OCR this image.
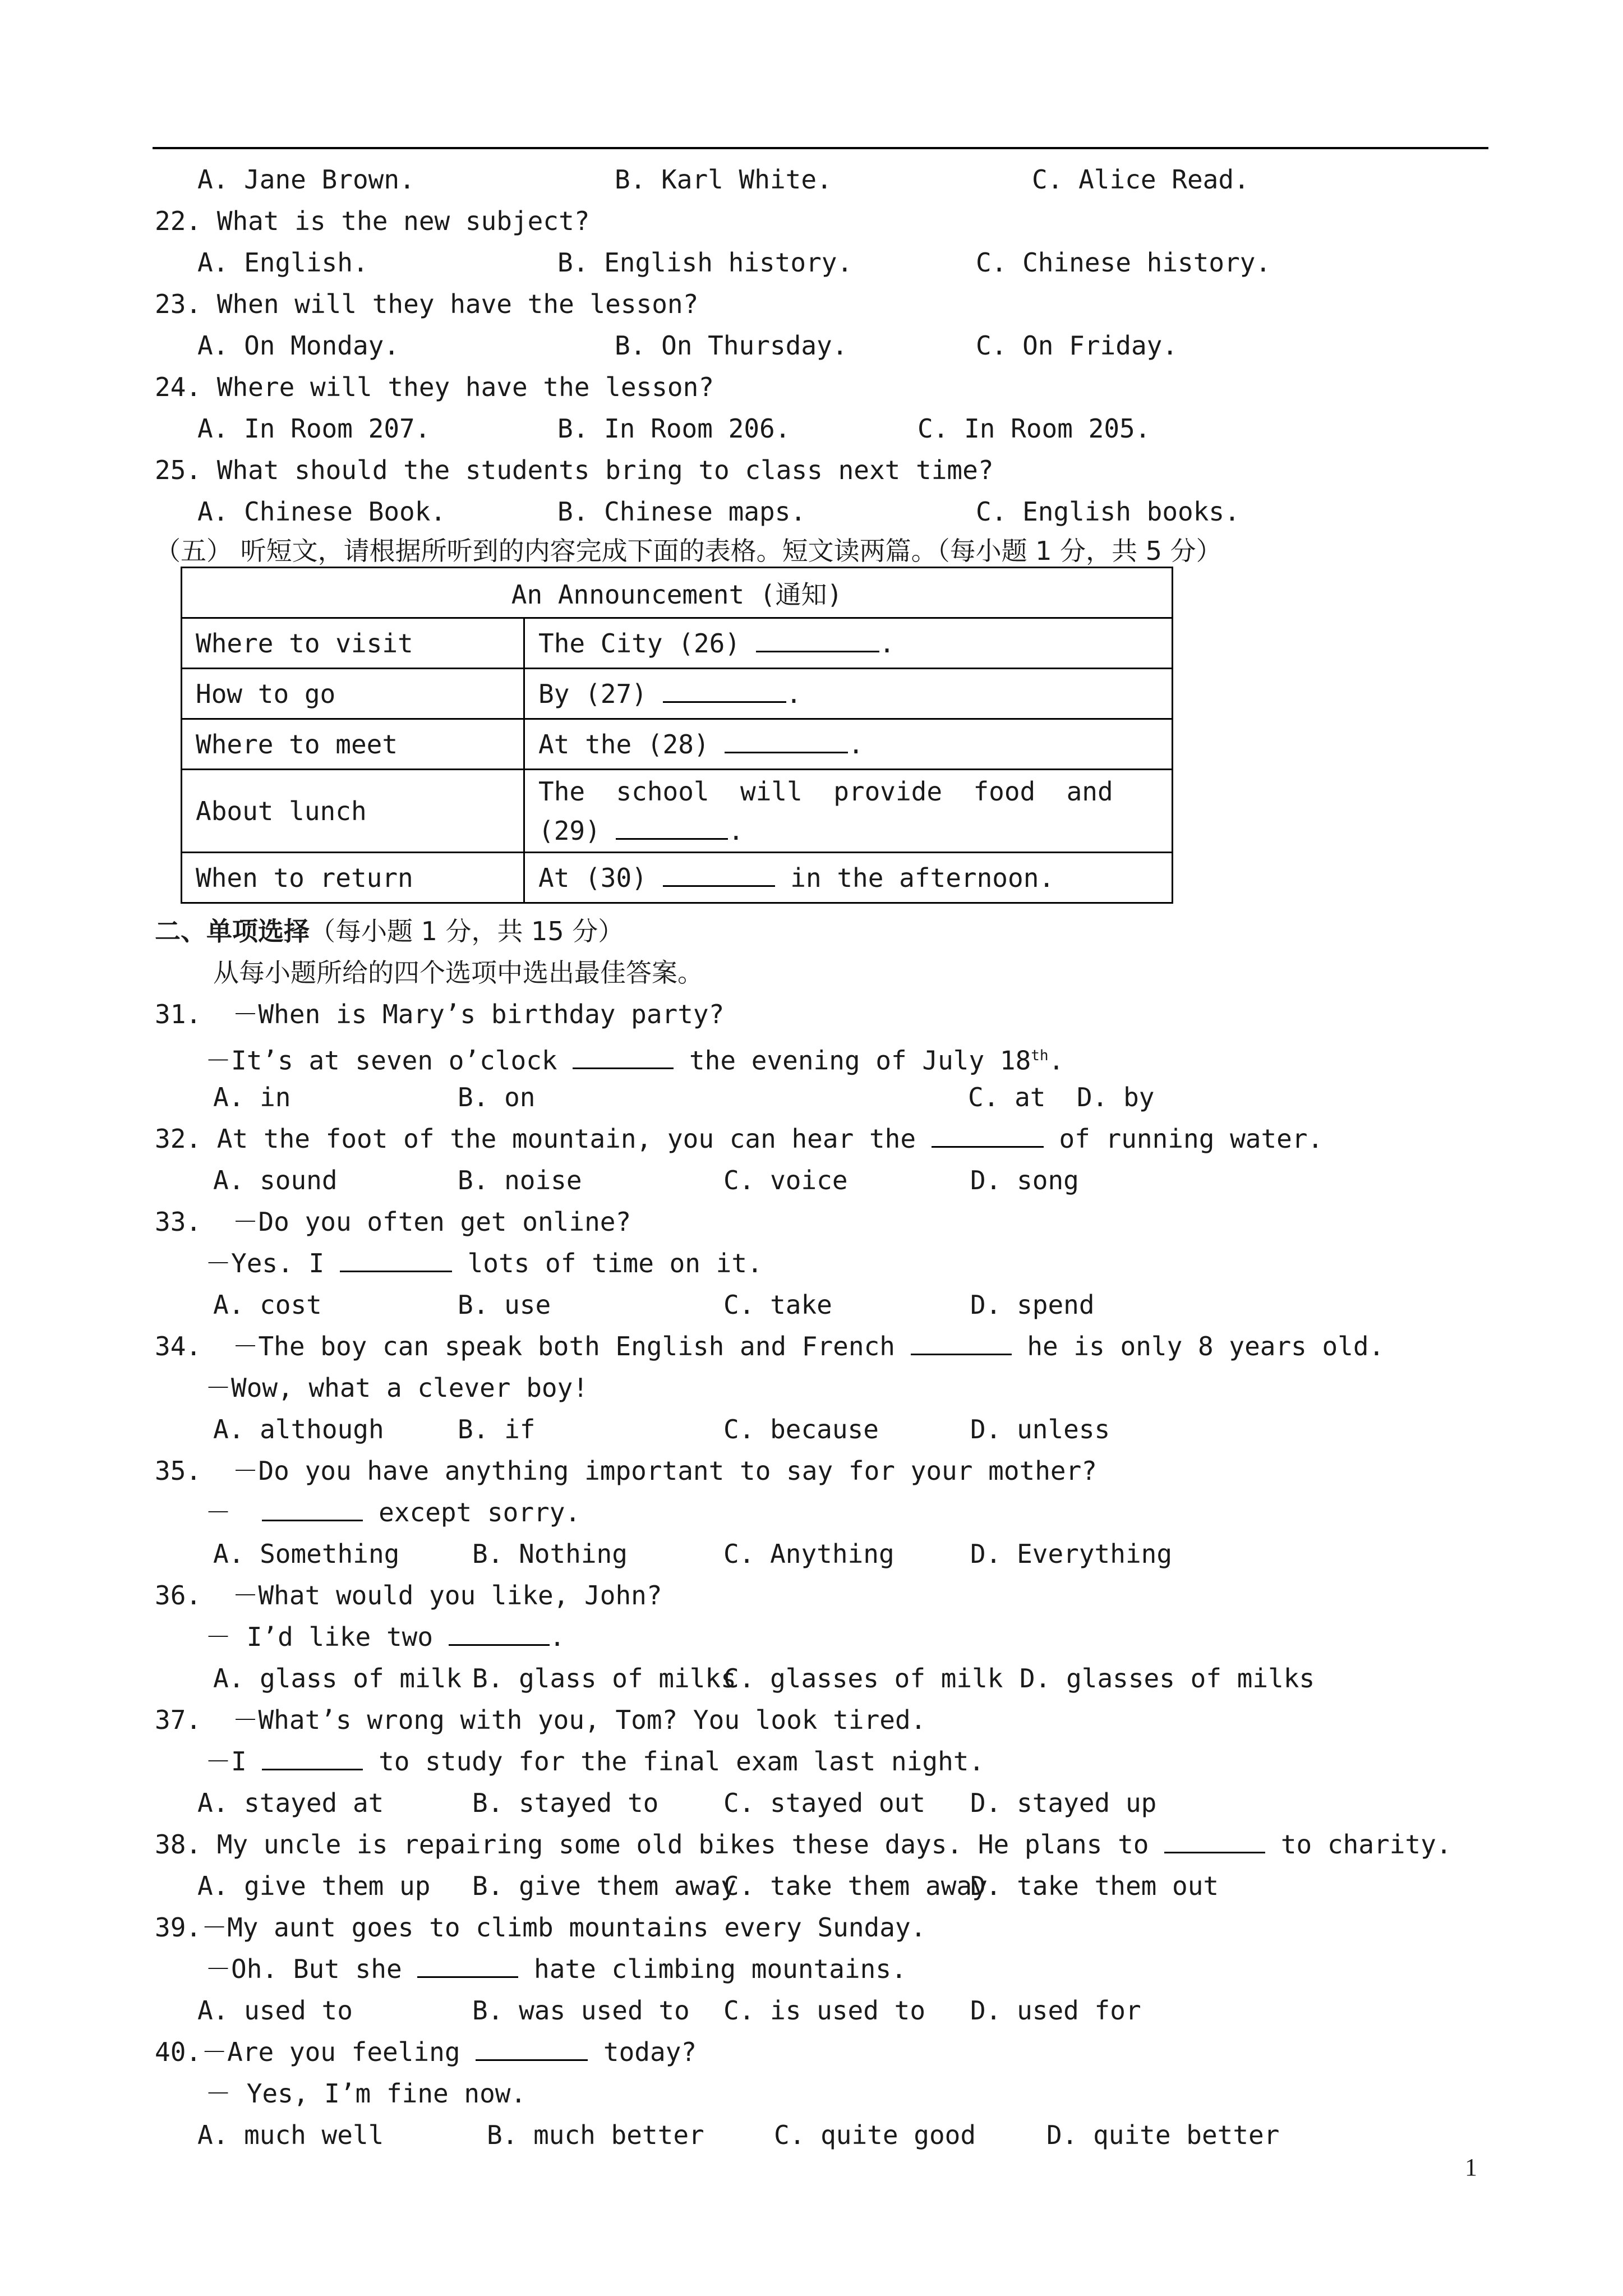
A. Jane Brown.	B. Karl White.	C. Alice Read.
22. What is the new subject?
A. English.	B. English history.	C. Chinese history.
23. When will they have the lesson?
A. On Monday.	B. On Thursday.	C. On Friday.
24. Where will they have the lesson?
A. In Room 207.	B. In Room 206.	C. In Room 205.
25. What should the students bring to class next time?
A. Chinese Book.	B. Chinese maps.	C. English books.
（五） 听短文，请根据所听到的内容完成下面的表格。短文读两篇。（每小题 1 分，共 5 分）
An Announcement (通知)	
Where to visit	The City (26) .
How to go	By (27) .
Where to meet	At the (28) .
About lunch	The  school  will  provide  food  and
(29) .
When to return	At (30) in the afternoon.
二、单项选择（每小题 1 分，共 15 分）
从每小题所给的四个选项中选出最佳答案。
31. －When is Mary’s birthday party?
－It’s at seven o’clock	the evening of July 18th.
A. in	B. on	C. at D. by
32. At the foot of the mountain, you can hear the	of running water.
A. sound	B. noise	C. voice	D. song
33. －Do you often get online?
－Yes. I	lots of time on it.
A. cost	B. use	C. take	D. spend
34. －The boy can speak both English and French	he is only 8 years old.
－Wow, what a clever boy!
A. although	B. if	C. because	D. unless
35. －Do you have anything important to say for your mother?
－	except sorry.
A. Something	B. Nothing	C. Anything	D. Everything
36. －What would you like, John?
－ I’d like two	.
A. glass of milk B. glass of milks
C. glasses of milk D. glasses of milks
37. －What’s wrong with you, Tom? You look tired.
－I	to study for the final exam last night.
A. stayed at	B. stayed to	C. stayed out D. stayed up
38. My uncle is repairing some old bikes these days. He plans to	to charity.
A. give them up B. give them away
C. take them away
D. take them out
39.－My aunt goes to climb mountains every Sunday.
－Oh. But she	hate climbing mountains.
A. used to	B. was used to C. is used to D. used for
40.－Are you feeling	today?
－ Yes, I’m fine now.
A. much well	B. much better	C. quite good	D. quite better
1
